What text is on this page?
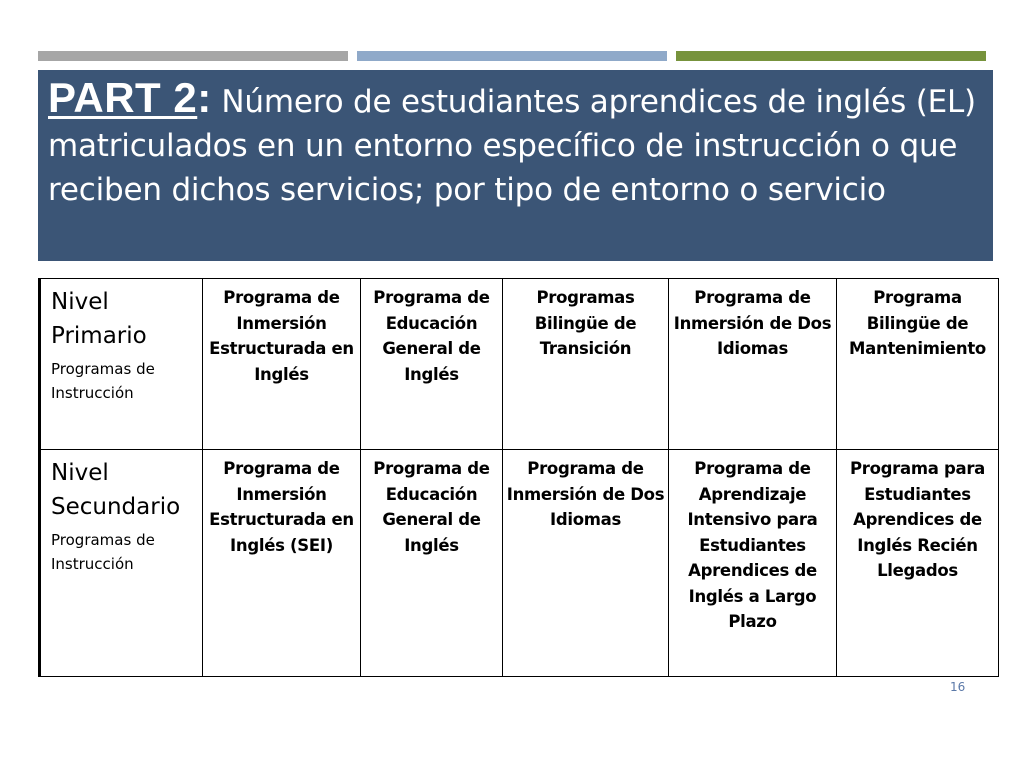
PART 2: Número de estudiantes aprendices de inglés (EL) matriculados en un entorno específico de instrucción o que reciben dichos servicios; por tipo de entorno o servicio
Nivel Primario
Programas de Instrucción	Programa de Inmersión Estructurada en Inglés	Programa de Educación General de Inglés	Programas Bilingüe de Transición	Programa de Inmersión de Dos Idiomas	Programa Bilingüe de Mantenimiento

Nivel Secundario
Programas de Instrucción	Programa de Inmersión Estructurada en Inglés (SEI)	Programa de Educación General de Inglés	Programa de Inmersión de Dos Idiomas	Programa de Aprendizaje Intensivo para Estudiantes Aprendices de Inglés a Largo Plazo	Programa para Estudiantes Aprendices de Inglés Recién Llegados
16
